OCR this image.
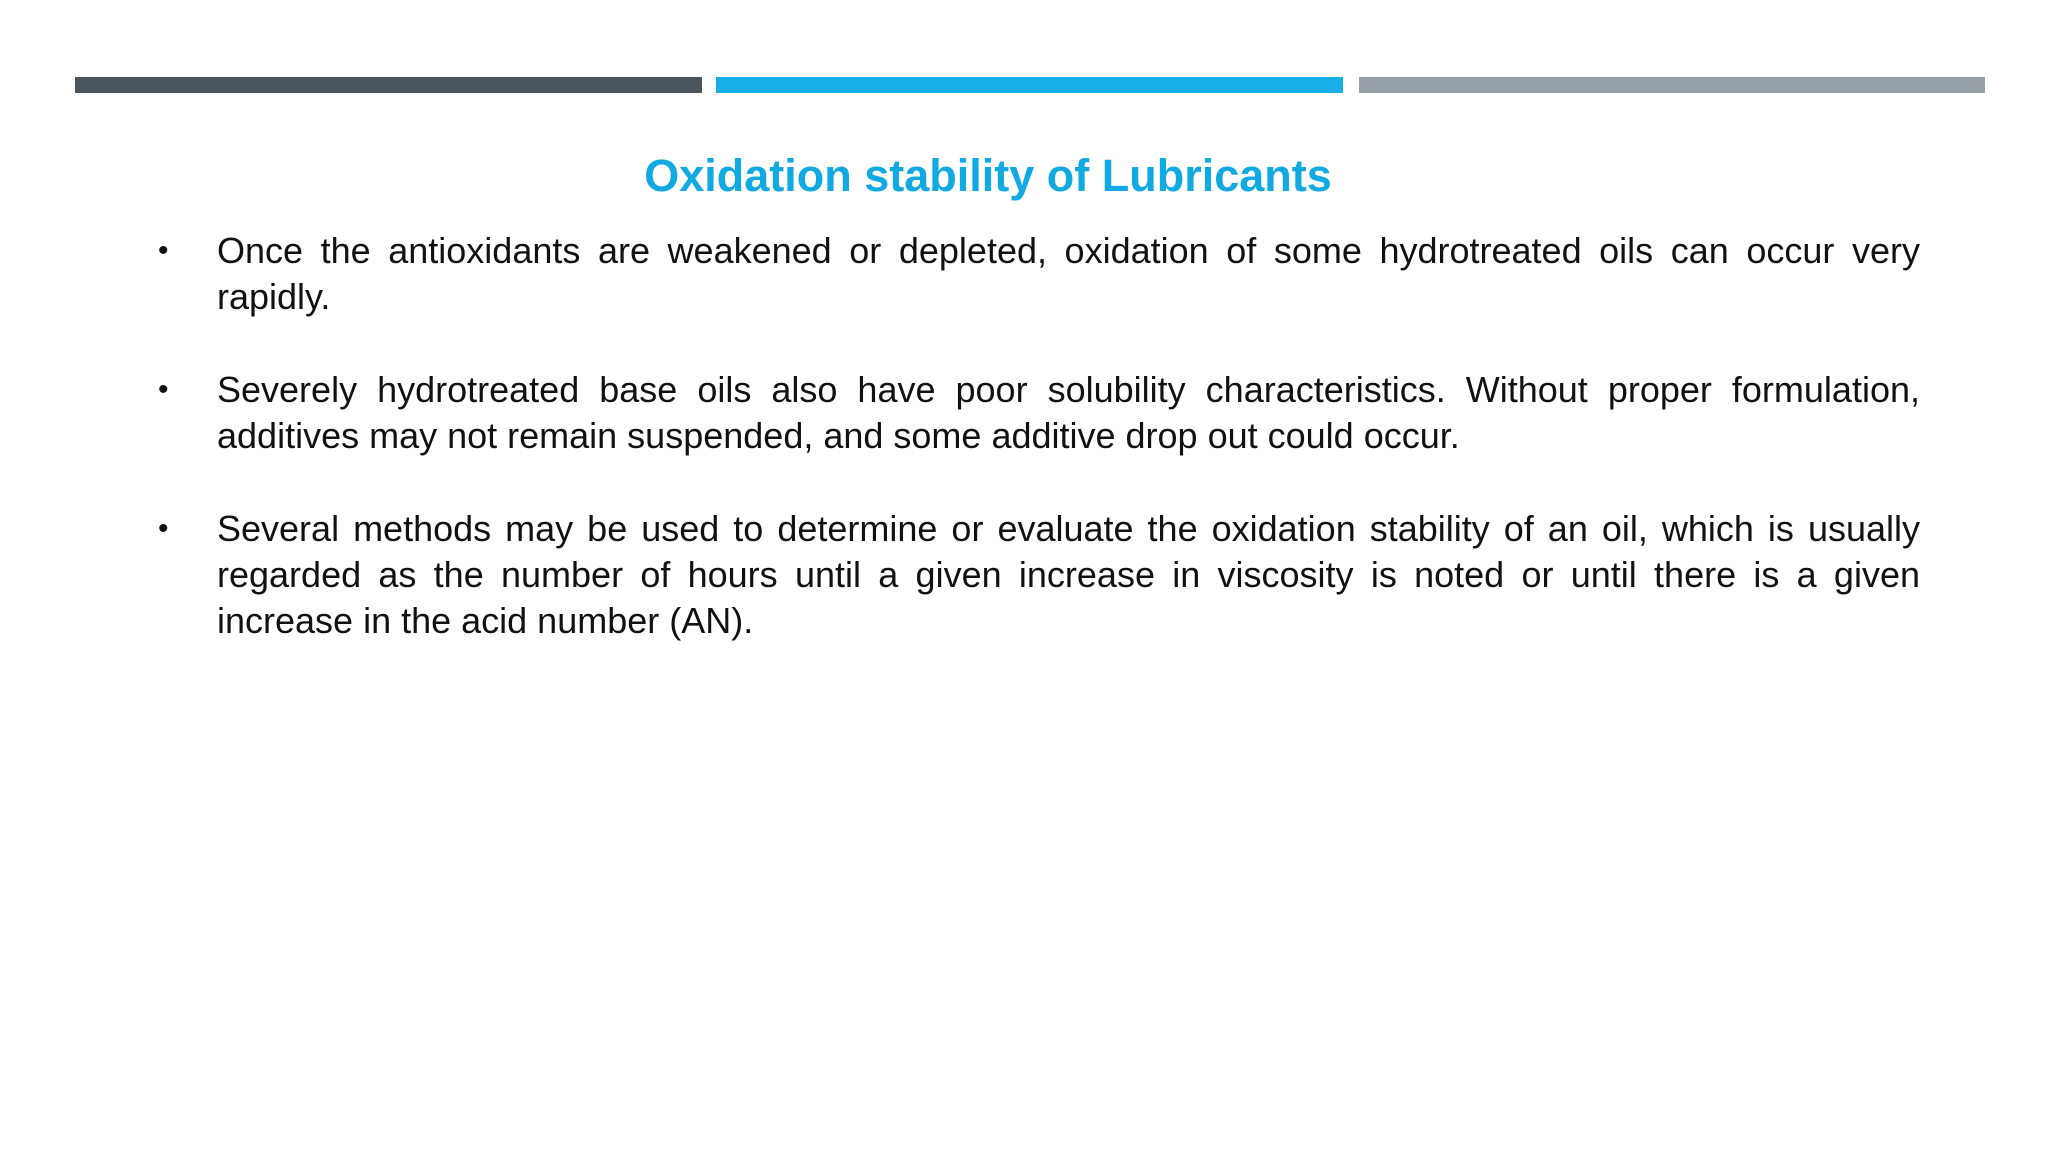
Oxidation stability of Lubricants
• Once the antioxidants are weakened or depleted, oxidation of some hydrotreated oils can occur very rapidly.
• Severely hydrotreated base oils also have poor solubility characteristics. Without proper formulation, additives may not remain suspended, and some additive drop out could occur.
• Several methods may be used to determine or evaluate the oxidation stability of an oil, which is usually regarded as the number of hours until a given increase in viscosity is noted or until there is a given increase in the acid number (AN).
